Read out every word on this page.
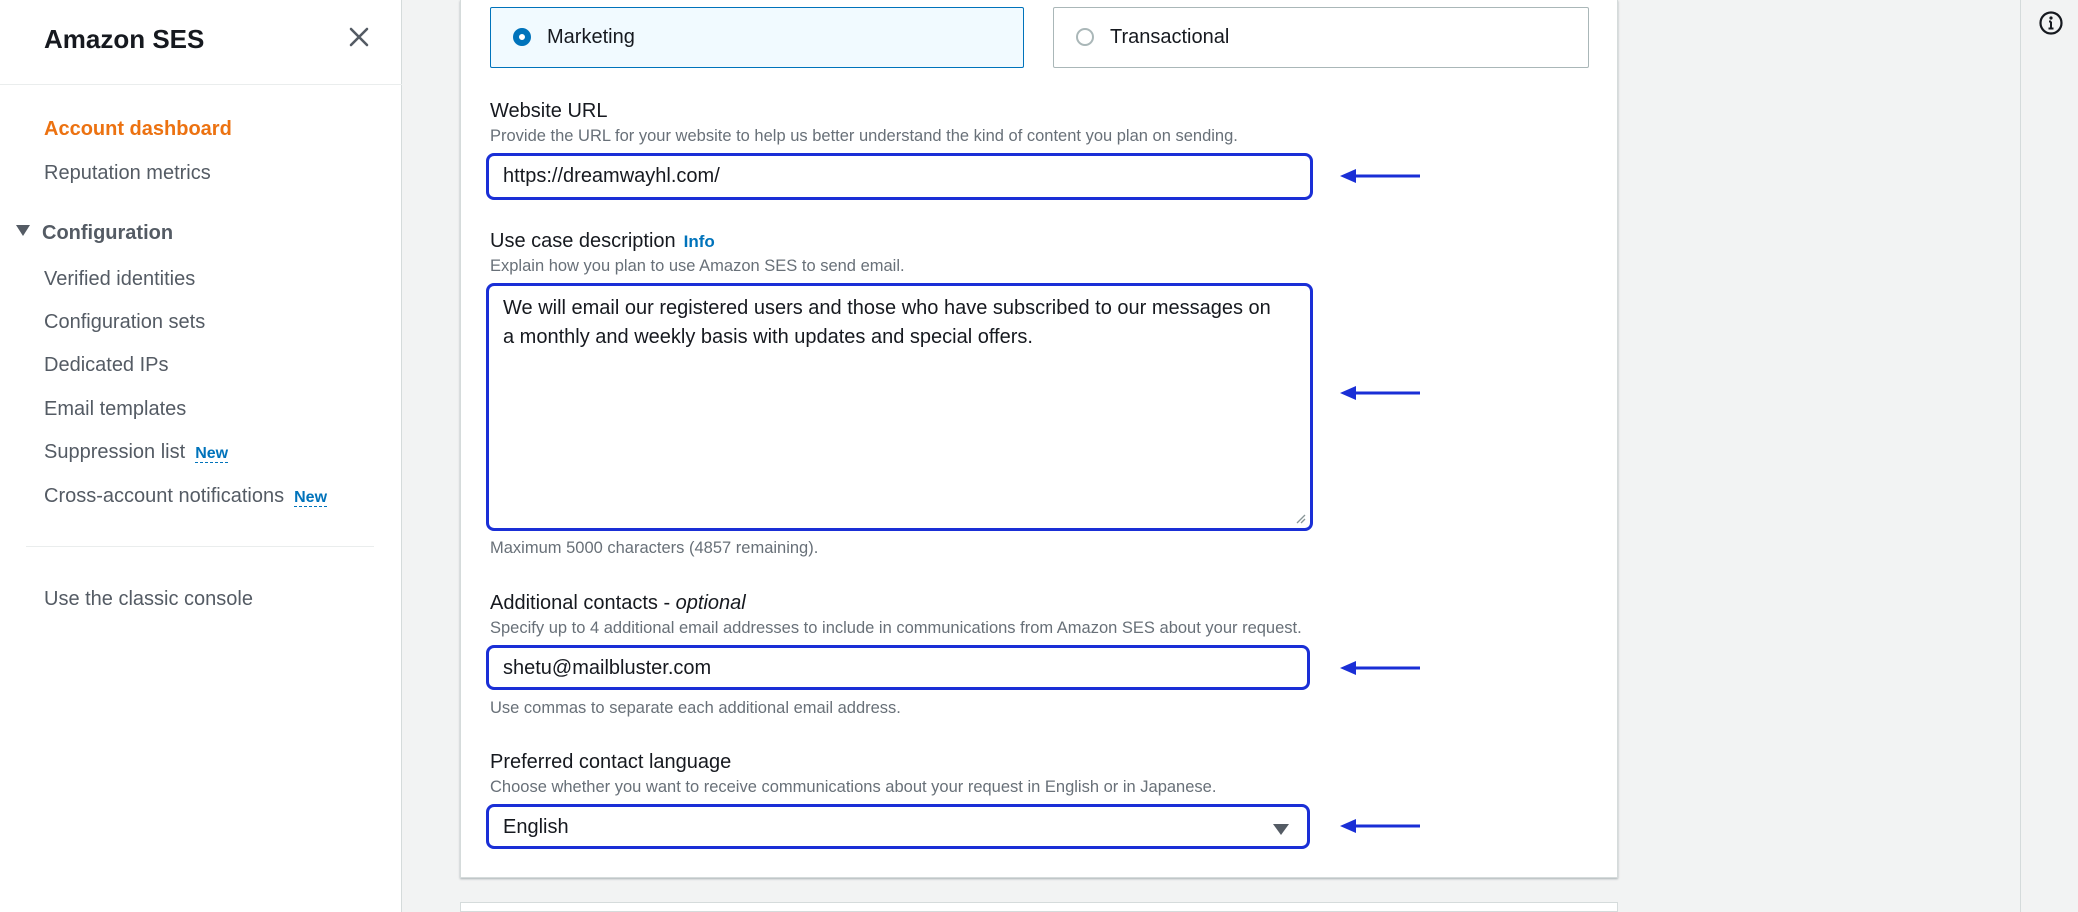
Amazon SES
Account dashboard
Reputation metrics
Configuration
Verified identities
Configuration sets
Dedicated IPs
Email templates
Suppression list New
Cross-account notifications New
Use the classic console
Marketing	Transactional
Website URL
Provide the URL for your website to help us better understand the kind of content you plan on sending.
https://dreamwayhl.com/
Use case description Info
Explain how you plan to use Amazon SES to send email.
We will email our registered users and those who have subscribed to our messages on
a monthly and weekly basis with updates and special offers.
Maximum 5000 characters (4857 remaining).
Additional contacts - optional
Specify up to 4 additional email addresses to include in communications from Amazon SES about your request.
shetu@mailbluster.com
Use commas to separate each additional email address.
Preferred contact language
Choose whether you want to receive communications about your request in English or in Japanese.
English
